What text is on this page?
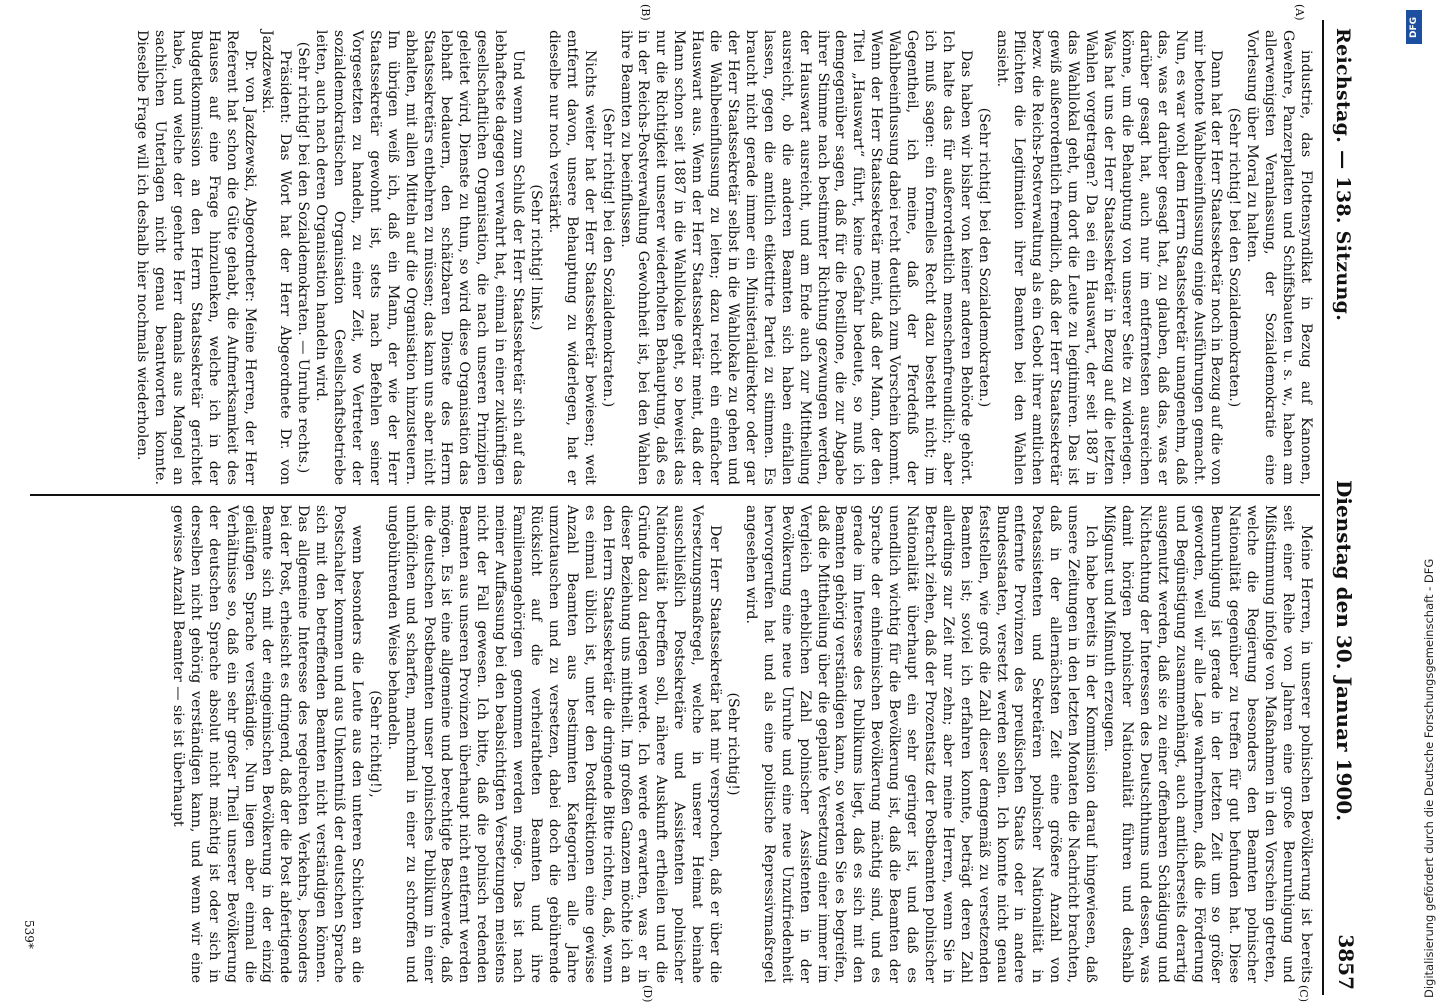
Reichstag. — 138. Sitzung.
Dienstag den 30. Januar 1900.
3857
(A)
(B)
(C)
(D)

industrie, das Flottensyndikat in Bezug auf Kanonen, Gewehre, Panzerplatten und Schiffsbauten u. s. w., haben am allerwenigsten Veranlassung, der Sozialdemokratie eine Vorlesung über Moral zu halten.

(Sehr richtig! bei den Sozialdemokraten.)

Dann hat der Herr Staatssekretär noch in Bezug auf die von mir betonte Wahlbeeinflussung einige Ausführungen gemacht. Nun, es war wohl dem Herrn Staatssekretär unangenehm, daß das, was er darüber gesagt hat, zu glauben, daß das, was er darüber gesagt hat, auch nur im entferntesten ausreichen könne, um die Behauptung von unserer Seite zu widerlegen. Was hat uns der Herr Staatssekretär in Bezug auf die letzten Wahlen vorgetragen? Da sei ein Hauswart, der seit 1887 in das Wahllokal geht, um dort die Leute zu legitimiren. Das ist gewiß außerordentlich fremdlich, daß der Herr Staatssekretär bezw. die Reichs-Postverwaltung als ein Gebot ihrer amtlichen Pflichten die Legitimation ihrer Beamten bei den Wahlen ansieht.

(Sehr richtig! bei den Sozialdemokraten.)

Das haben wir bisher von keiner anderen Behörde gehört. Ich halte das für außerordentlich menschenfreundlich; aber ich muß sagen: ein formelles Recht dazu besteht nicht; im Gegentheil, ich meine, daß der Pferdefuß der Wahlbeeinflussung dabei recht deutlich zum Vorschein kommt. Wenn der Herr Staatssekretär meint, daß der Mann, der den Titel „Hauswart“ führt, keine Gefahr bedeute, so muß ich demgegenüber sagen, daß für die Postillone, die zur Abgabe ihrer Stimme nach bestimmter Richtung gezwungen werden, der Hauswart ausreicht, und am Ende auch zur Mittheilung ausreicht, ob die anderen Beamten sich haben einfallen lassen, gegen die amtlich etikettirte Partei zu stimmen. Es braucht nicht gerade immer ein Ministerialdirektor oder gar der Herr Staatssekretär selbst in die Wahllokale zu gehen und die Wahlbeeinflussung zu leiten; dazu reicht ein einfacher Hauswart aus. Wenn der Herr Staatssekretär meint, daß der Mann schon seit 1887 in die Wahllokale geht, so beweist das nur die Richtigkeit unserer wiederholten Behauptung, daß es in der Reichs-Postverwaltung Gewohnheit ist, bei den Wahlen ihre Beamten zu beeinflussen.

(Sehr richtig! bei den Sozialdemokraten.)

Nichts weiter hat der Herr Staatssekretär bewiesen; weit entfernt davon, unsere Behauptung zu widerlegen, hat er dieselbe nur noch verstärkt.

(Sehr richtig! links.)

Und wenn zum Schluß der Herr Staatssekretär sich auf das lebhafteste dagegen verwahrt hat, einmal in einer zukünftigen gesellschaftlichen Organisation, die nach unseren Prinzipien geleitet wird, Dienste zu thun, so wird diese Organisation das lebhaft bedauern, den schätzbaren Dienste des Herrn Staatssekretärs entbehren zu müssen; das kann uns aber nicht abhalten, mit allen Mitteln auf die Organisation hinzusteuern. Im übrigen weiß ich, daß ein Mann, der wie der Herr Staatssekretär gewohnt ist, stets nach Befehlen seiner Vorgesetzten zu handeln, zu einer Zeit, wo Vertreter der sozialdemokratischen Organisation Gesellschaftsbetriebe leiten, auch nach deren Organisation handeln wird.

(Sehr richtig! bei den Sozialdemokraten. — Unruhe rechts.)

Präsident: Das Wort hat der Herr Abgeordnete Dr. von Jazdzewski.

Dr. von Jazdzewski, Abgeordneter: Meine Herren, der Herr Referent hat schon die Güte gehabt, die Aufmerksamkeit des Hauses auf eine Frage hinzulenken, welche ich in der Budgetkommission an den Herrn Staatssekretär gerichtet habe, und welche der geehrte Herr damals aus Mangel an sachlichen Unterlagen nicht genau beantworten konnte. Dieselbe Frage will ich deshalb hier nochmals wiederholen.

Meine Herren, in unserer polnischen Bevölkerung ist bereits seit einer Reihe von Jahren eine große Beunruhigung und Mißstimmung infolge von Maßnahmen in den Vorschein getreten, welche die Regierung besonders den Beamten polnischer Nationalität gegenüber zu treffen für gut befunden hat. Diese Beunruhigung ist gerade in der letzten Zeit um so größer geworden, weil wir alle Lage wahrnehmen, daß die Förderung und Begünstigung zusammenhängt, auch amtlicherseits derartig ausgenutzt werden, daß sie zu einer offenbaren Schädigung und Nichtachtung der Interessen des Deutschthums und dessen, was damit hörigen polnischer Nationalität führen und deshalb Mißgunst und Mißmuth erzeugen.

Ich habe bereits in der Kommission darauf hingewiesen, daß unsere Zeitungen in den letzten Monaten die Nachricht brachten, daß in der allernächsten Zeit eine größere Anzahl von Postassistenten und Sekretären polnischer Nationalität in entfernte Provinzen des preußischen Staats oder in andere Bundesstaaten, versetzt werden sollen. Ich konnte nicht genau feststellen, wie groß die Zahl dieser demgemäß zu versetzenden Beamten ist; soviel ich erfahren konnte, beträgt deren Zahl allerdings zur Zeit nur zehn; aber meine Herren, wenn Sie in Betracht ziehen, daß der Prozentsatz der Postbeamten polnischer Nationalität überhaupt ein sehr geringer ist, und daß es unendlich wichtig für die Bevölkerung ist, daß die Beamten der Sprache der einheimischen Bevölkerung mächtig sind, und es gerade im Interesse des Publikums liegt, daß es sich mit den Beamten gehörig verständigen kann, so werden Sie es begreifen, daß die Mittheilung über die geplante Versetzung einer immer im Vergleich erheblichen Zahl polnischer Assistenten in der Bevölkerung eine neue Unruhe und eine neue Unzufriedenheit hervorgerufen hat und als eine politische Repressivmaßregel angesehen wird.

(Sehr richtig!)

Der Herr Staatssekretär hat mir versprochen, daß er über die Versetzungsmaßregel, welche in unserer Heimat beinahe ausschließlich Postsekretäre und Assistenten polnischer Nationalität betreffen soll, nähere Auskunft ertheilen und die Gründe dazu darlegen werde. Ich werde erwarten, was er in dieser Beziehung uns mittheilt. Im großen Ganzen möchte ich an den Herrn Staatssekretär die dringende Bitte richten, daß, wenn es einmal üblich ist, unter den Postdirektionen eine gewisse Anzahl Beamten aus bestimmten Kategorien alle Jahre umzutauschen und zu versetzen, dabei doch die gebührende Rücksicht auf die verheiratheten Beamten und ihre Familienangehörigen genommen werden möge. Das ist nach meiner Auffassung bei den beabsichtigten Versetzungen meistens nicht der Fall gewesen. Ich bitte, daß die polnisch redenden Beamten aus unseren Provinzen überhaupt nicht entfernt werden mögen. Es ist eine allgemeine und berechtigte Beschwerde, daß die deutschen Postbeamten unser polnisches Publikum in einer unhöflichen und scharfen, manchmal in einer zu schroffen und ungebührenden Weise behandeln.

(Sehr richtig!),

wenn besonders die Leute aus den unteren Schichten an die Postschalter kommen und aus Unkenntniß der deutschen Sprache sich mit den betreffenden Beamten nicht verständigen können. Das allgemeine Interesse des regelrechten Verkehrs, besonders bei der Post, erheischt es dringend, daß der die Post abfertigende Beamte sich mit der eingeimischen Bevölkerung in der einzig geläufigen Sprache verständige. Nun liegen aber einmal die Verhältnisse so, daß ein sehr großer Theil unserer Bevölkerung der deutschen Sprache absolut nicht mächtig ist oder sich in derselben nicht gehörig verständigen kann, und wenn wir eine gewisse Anzahl Beamter — sie ist überhaupt

539*
DFG
Digitalisierung gefördert durch die Deutsche Forschungsgemeinschaft - DFG
